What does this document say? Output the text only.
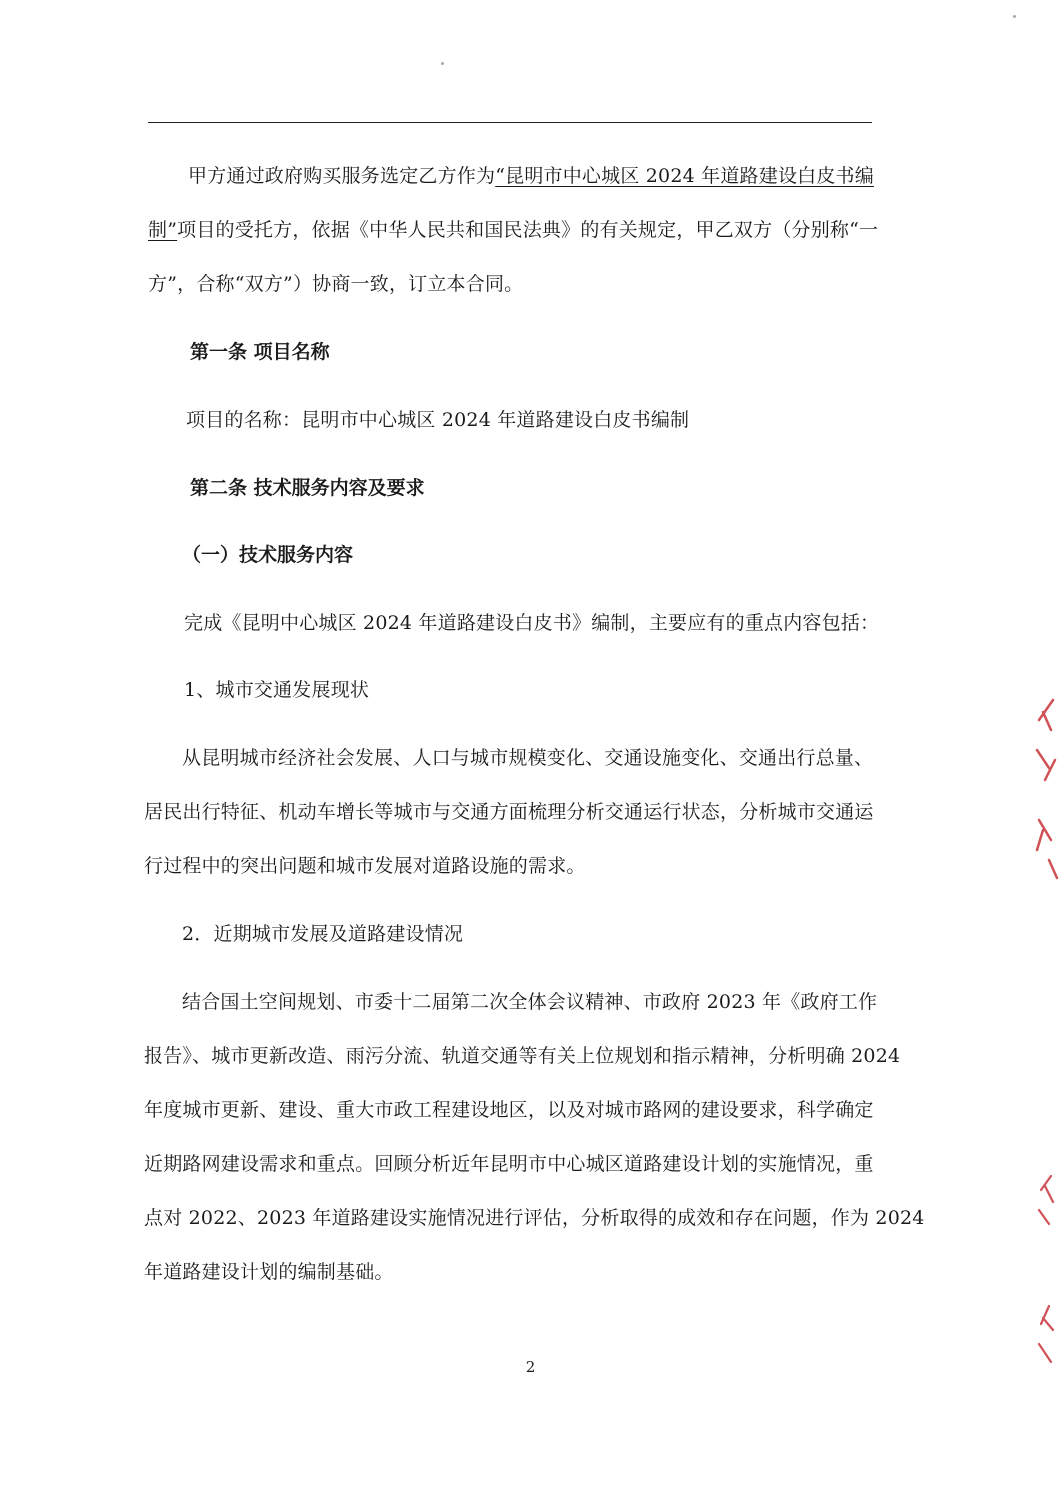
甲方通过政府购买服务选定乙方作为“昆明市中心城区 2024 年道路建设白皮书编
制”项目的受托方，依据《中华人民共和国民法典》的有关规定，甲乙双方（分别称“一
方”，合称“双方”）协商一致，订立本合同。
第一条 项目名称
项目的名称：昆明市中心城区 2024 年道路建设白皮书编制
第二条 技术服务内容及要求
（一）技术服务内容
完成《昆明中心城区 2024 年道路建设白皮书》编制，主要应有的重点内容包括：
1、城市交通发展现状
从昆明城市经济社会发展、人口与城市规模变化、交通设施变化、交通出行总量、
居民出行特征、机动车增长等城市与交通方面梳理分析交通运行状态，分析城市交通运
行过程中的突出问题和城市发展对道路设施的需求。
2．近期城市发展及道路建设情况
结合国土空间规划、市委十二届第二次全体会议精神、市政府 2023 年《政府工作
报告》、城市更新改造、雨污分流、轨道交通等有关上位规划和指示精神，分析明确 2024
年度城市更新、建设、重大市政工程建设地区，以及对城市路网的建设要求，科学确定
近期路网建设需求和重点。回顾分析近年昆明市中心城区道路建设计划的实施情况，重
点对 2022、2023 年道路建设实施情况进行评估，分析取得的成效和存在问题，作为 2024
年道路建设计划的编制基础。
2
